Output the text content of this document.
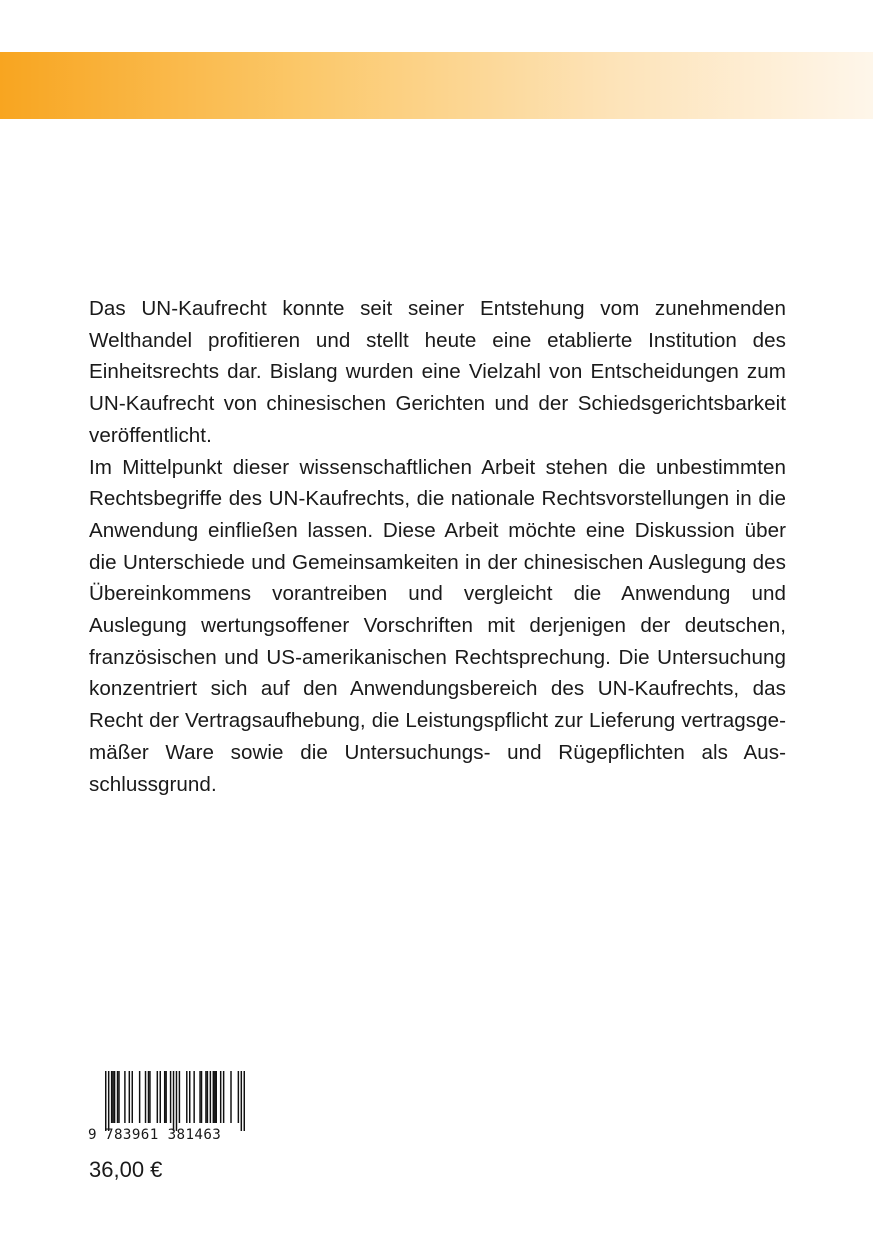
Das UN-Kaufrecht konnte seit seiner Entstehung vom zunehmenden Welthandel profitieren und stellt heute eine etablierte Institution des Einheitsrechts dar. Bislang wurden eine Vielzahl von Entscheidungen zum UN-Kaufrecht von chinesischen Gerichten und der Schiedsgerichtsbarkeit veröffentlicht.

Im Mittelpunkt dieser wissenschaftlichen Arbeit stehen die unbestimmten Rechtsbegriffe des UN-Kaufrechts, die nationale Rechtsvorstellungen in die Anwendung einfließen lassen. Diese Arbeit möchte eine Diskussion über die Unterschiede und Gemeinsamkeiten in der chinesischen Auslegung des Übereinkommens vorantreiben und vergleicht die Anwendung und Auslegung wertungsoffener Vorschriften mit derjenigen der deutschen, französischen und US-amerikanischen Rechtsprechung. Die Untersuchung konzentriert sich auf den Anwendungsbereich des UN-Kaufrechts, das Recht der Vertragsaufhebung, die Leistungspflicht zur Lieferung vertragsgemäßer Ware sowie die Untersuchungs- und Rügepflichten als Ausschlussgrund.

9 783961 381463
36,00 €
